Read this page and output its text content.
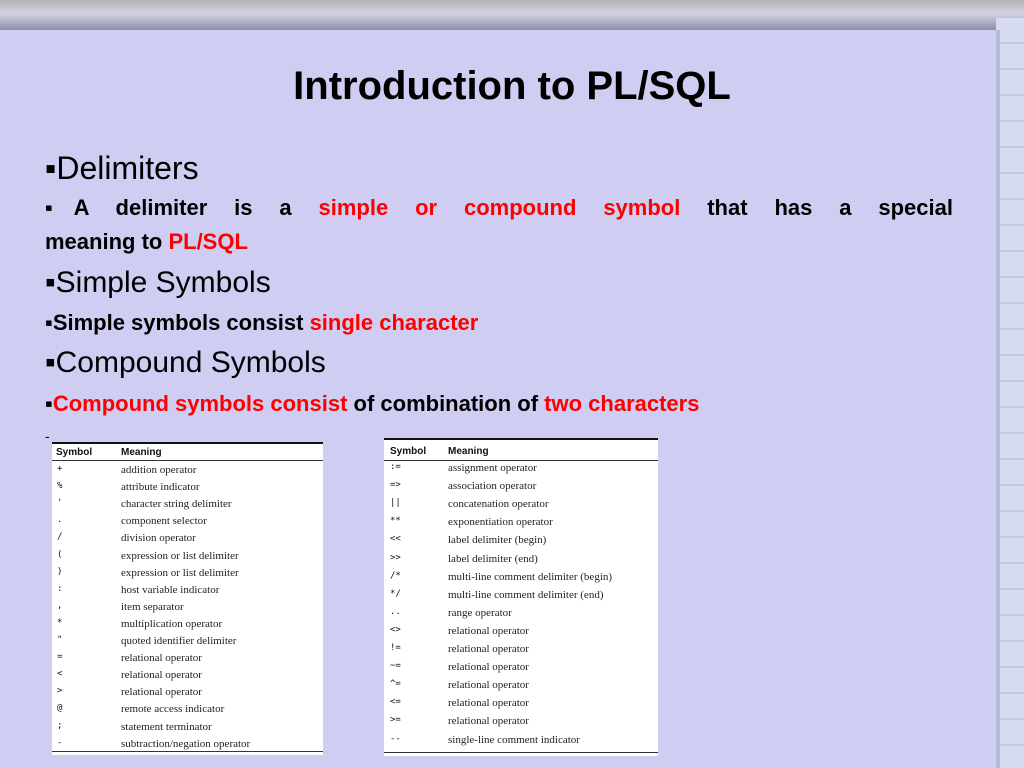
Introduction to PL/SQL
▪Delimiters
▪A delimiter is a simple or compound symbol that has a special
meaning to PL/SQL
▪Simple Symbols
▪Simple symbols consist single character
▪Compound Symbols
▪Compound symbols consist of combination of two characters
-
Symbol	Meaning
+	addition operator
%	attribute indicator
'	character string delimiter
.	component selector
/	division operator
(	expression or list delimiter
)	expression or list delimiter
:	host variable indicator
,	item separator
*	multiplication operator
"	quoted identifier delimiter
=	relational operator
<	relational operator
>	relational operator
@	remote access indicator
;	statement terminator
-	subtraction/negation operator
Symbol Meaning
:=	assignment operator
=>	association operator
||	concatenation operator
**	exponentiation operator
<<	label delimiter (begin)
>>	label delimiter (end)
/*	multi-line comment delimiter (begin)
*/	multi-line comment delimiter (end)
..	range operator
<>	relational operator
!=	relational operator
~=	relational operator
^=	relational operator
<=	relational operator
>=	relational operator
--	single-line comment indicator
